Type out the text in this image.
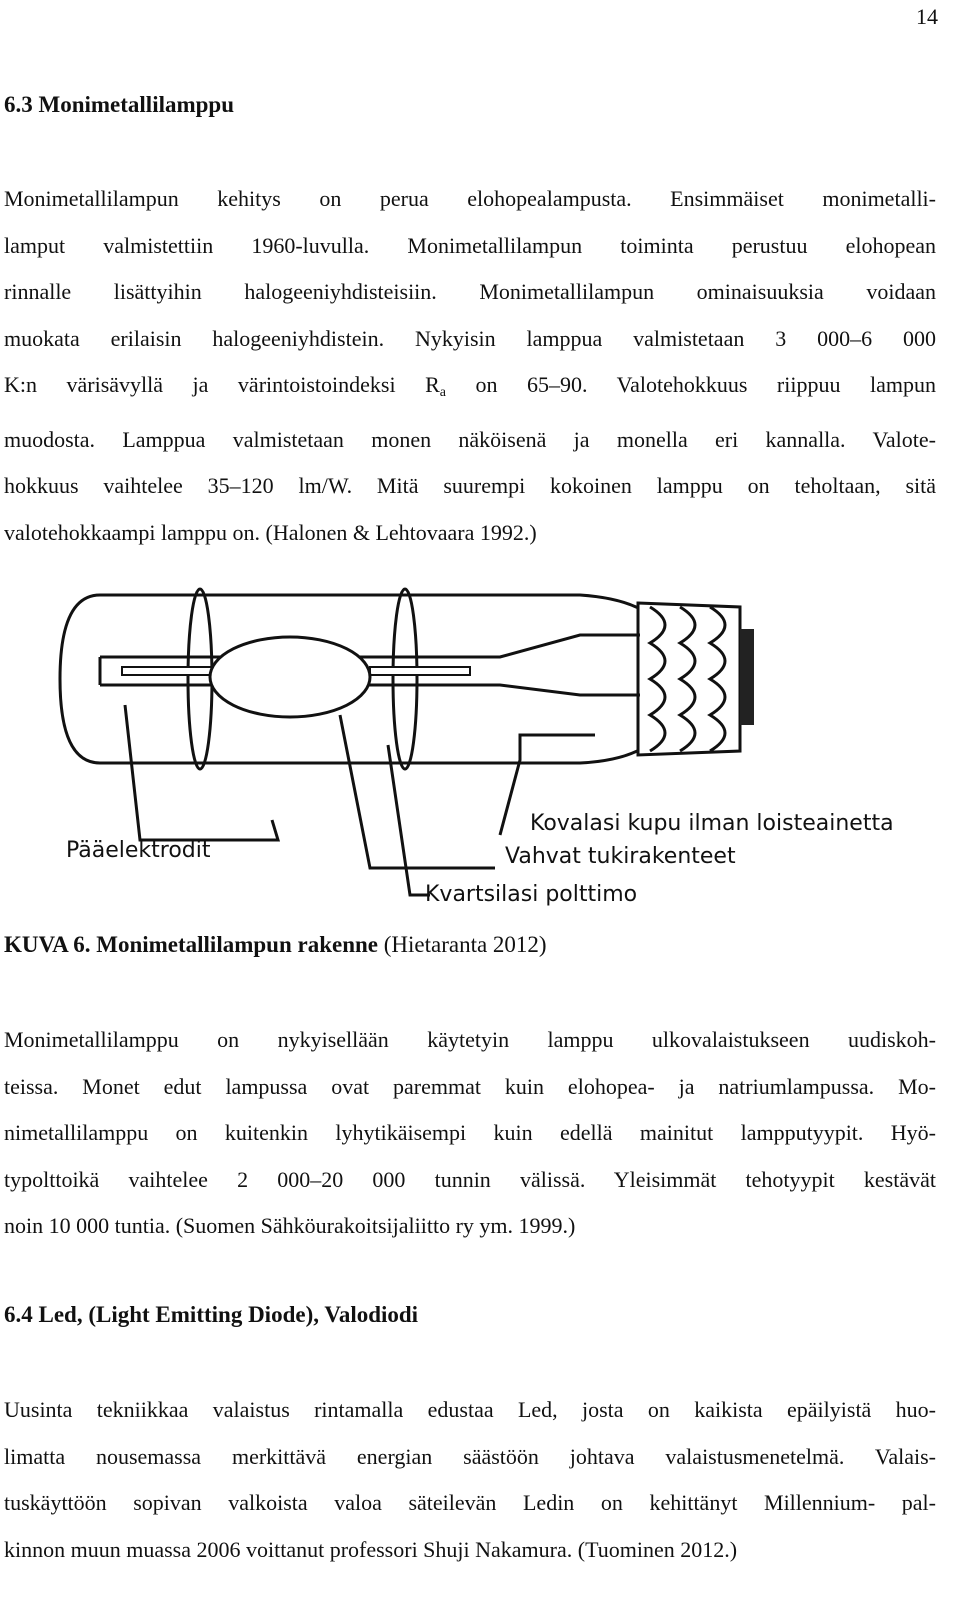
14
6.3 Monimetallilamppu
Monimetallilampun kehitys on perua elohopealampusta. Ensimmäiset monimetalli-
lamput valmistettiin 1960-luvulla. Monimetallilampun toiminta perustuu elohopean
rinnalle lisättyihin halogeeniyhdisteisiin. Monimetallilampun ominaisuuksia voidaan
muokata erilaisin halogeeniyhdistein. Nykyisin lamppua valmistetaan 3 000–6 000
K:n värisävyllä ja värintoistoindeksi $R_a$ on 65–90. Valotehokkuus riippuu lampun
muodosta. Lamppua valmistetaan monen näköisenä ja monella eri kannalla. Valote-
hokkuus vaihtelee 35–120 lm/W. Mitä suurempi kokoinen lamppu on teholtaan, sitä
valotehokkaampi lamppu on. (Halonen & Lehtovaara 1992.)
Kovalasi kupu ilman loisteainetta
Vahvat tukirakenteet
Pääelektrodit
Kvartsilasi polttimo

KUVA 6. Monimetallilampun rakenne (Hietaranta 2012)

Monimetallilamppu on nykyisellään käytetyin lamppu ulkovalaistukseen uudiskoh-
teissa. Monet edut lampussa ovat paremmat kuin elohopea- ja natriumlampussa. Mo-
nimetallilamppu on kuitenkin lyhytikäisempi kuin edellä mainitut lampputyypit. Hyö-
typolttoikä vaihtelee 2 000–20 000 tunnin välissä. Yleisimmät tehotyypit kestävät
noin 10 000 tuntia. (Suomen Sähköurakoitsijaliitto ry ym. 1999.)
6.4 Led, (Light Emitting Diode), Valodiodi
Uusinta tekniikkaa valaistus rintamalla edustaa Led, josta on kaikista epäilyistä huo-
limatta nousemassa merkittävä energian säästöön johtava valaistusmenetelmä. Valais-
tuskäyttöön sopivan valkoista valoa säteilevän Ledin on kehittänyt Millennium- pal-
kinnon muun muassa 2006 voittanut professori Shuji Nakamura. (Tuominen 2012.)
